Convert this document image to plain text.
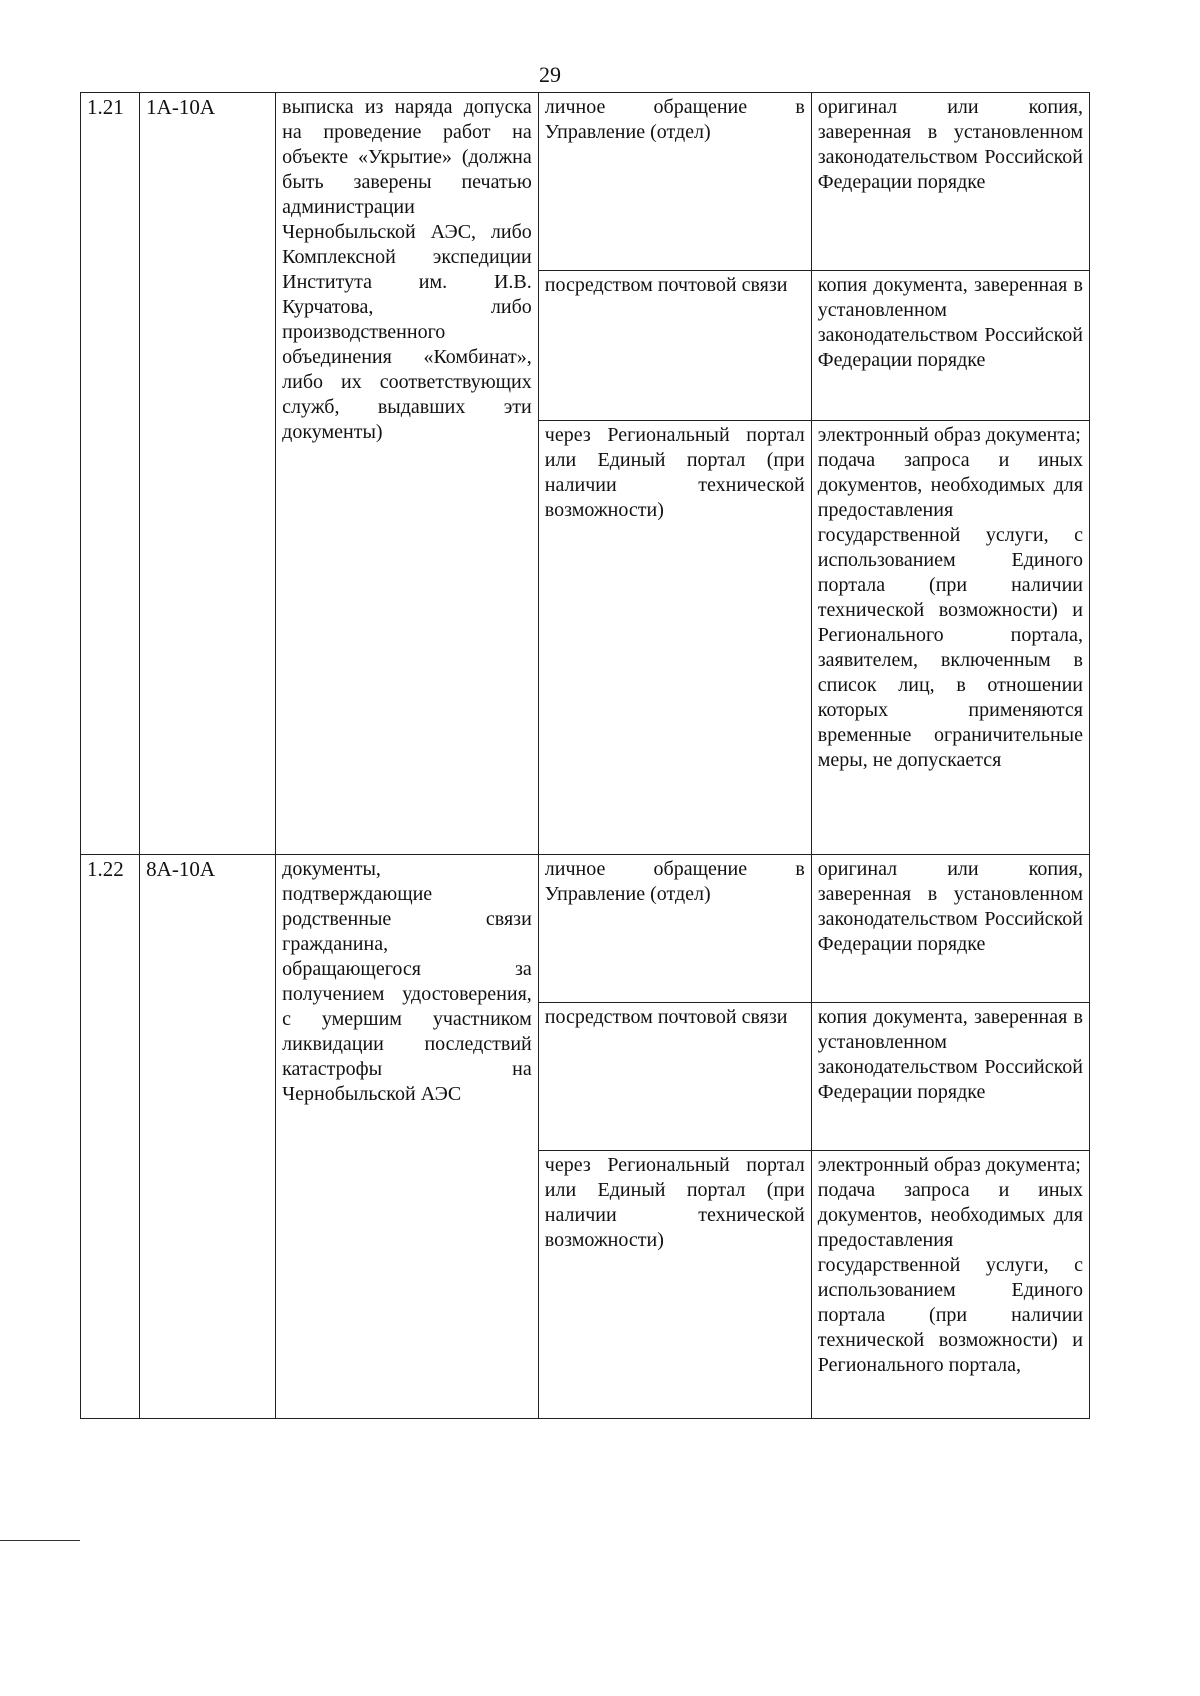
29
1.21	1А-10А	выписка из наряда допуска на проведение работ на объекте «Укрытие» (должна быть заверены печатью администрации Чернобыльской АЭС, либо Комплексной экспедиции Института им. И.В. Курчатова, либо производственного объединения «Комбинат», либо их соответствующих служб, выдавших эти документы)	личное обращение в Управление (отдел)	оригинал или копия, заверенная в установленном законодательством Российской Федерации порядке

			посредством почтовой связи	копия документа, заверенная в установленном законодательством Российской Федерации порядке

			через Региональный портал или Единый портал (при наличии технической возможности)	электронный образ документа;
подача запроса и иных документов, необходимых для предоставления государственной услуги, с использованием Единого портала (при наличии технической возможности) и Регионального портала, заявителем, включенным в список лиц, в отношении которых применяются временные ограничительные меры, не допускается

1.22	8А-10А	документы, подтверждающие родственные связи гражданина, обращающегося за получением удостоверения, с умершим участником ликвидации последствий катастрофы на Чернобыльской АЭС	личное обращение в Управление (отдел)	оригинал или копия, заверенная в установленном законодательством Российской Федерации порядке

			посредством почтовой связи	копия документа, заверенная в установленном законодательством Российской Федерации порядке

			через Региональный портал или Единый портал (при наличии технической возможности)	электронный образ документа;
подача запроса и иных документов, необходимых для предоставления государственной услуги, с использованием Единого портала (при наличии технической возможности) и Регионального портала,
